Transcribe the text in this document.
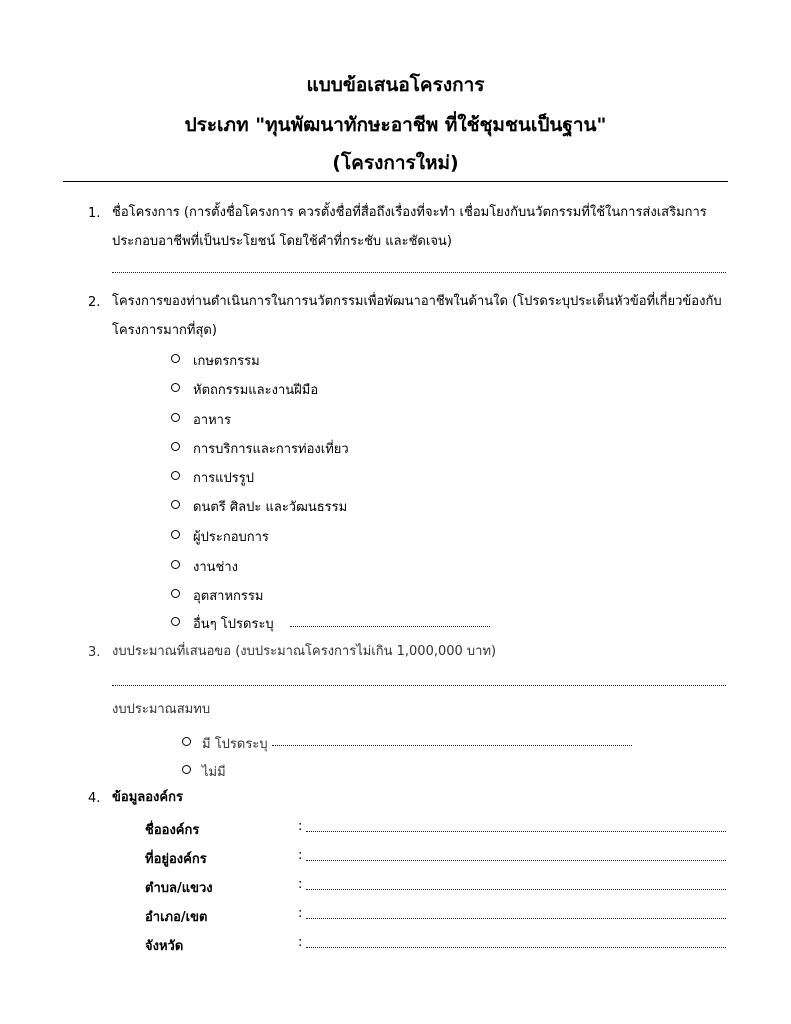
แบบข้อเสนอโครงการ
ประเภท "ทุนพัฒนาทักษะอาชีพ ที่ใช้ชุมชนเป็นฐาน"
(โครงการใหม่)
1. ชื่อโครงการ (การตั้งชื่อโครงการ ควรตั้งชื่อที่สื่อถึงเรื่องที่จะทำ เชื่อมโยงกับนวัตกรรมที่ใช้ในการส่งเสริมการ
ประกอบอาชีพที่เป็นประโยชน์ โดยใช้คำที่กระชับ และชัดเจน)
2. โครงการของท่านดำเนินการในการนวัตกรรมเพื่อพัฒนาอาชีพในด้านใด (โปรดระบุประเด็นหัวข้อที่เกี่ยวข้องกับ
โครงการมากที่สุด)
เกษตรกรรม
หัตถกรรมและงานฝีมือ
อาหาร
การบริการและการท่องเที่ยว
การแปรรูป
ดนตรี ศิลปะ และวัฒนธรรม
ผู้ประกอบการ
งานช่าง
อุตสาหกรรม
อื่นๆ โปรดระบุ
3. งบประมาณที่เสนอขอ (งบประมาณโครงการไม่เกิน 1,000,000 บาท)
งบประมาณสมทบ
มี โปรดระบุ
ไม่มี
4. ข้อมูลองค์กร
ชื่อองค์กร	:
ที่อยู่องค์กร	:
ตำบล/แขวง	:
อำเภอ/เขต	:
จังหวัด	:
